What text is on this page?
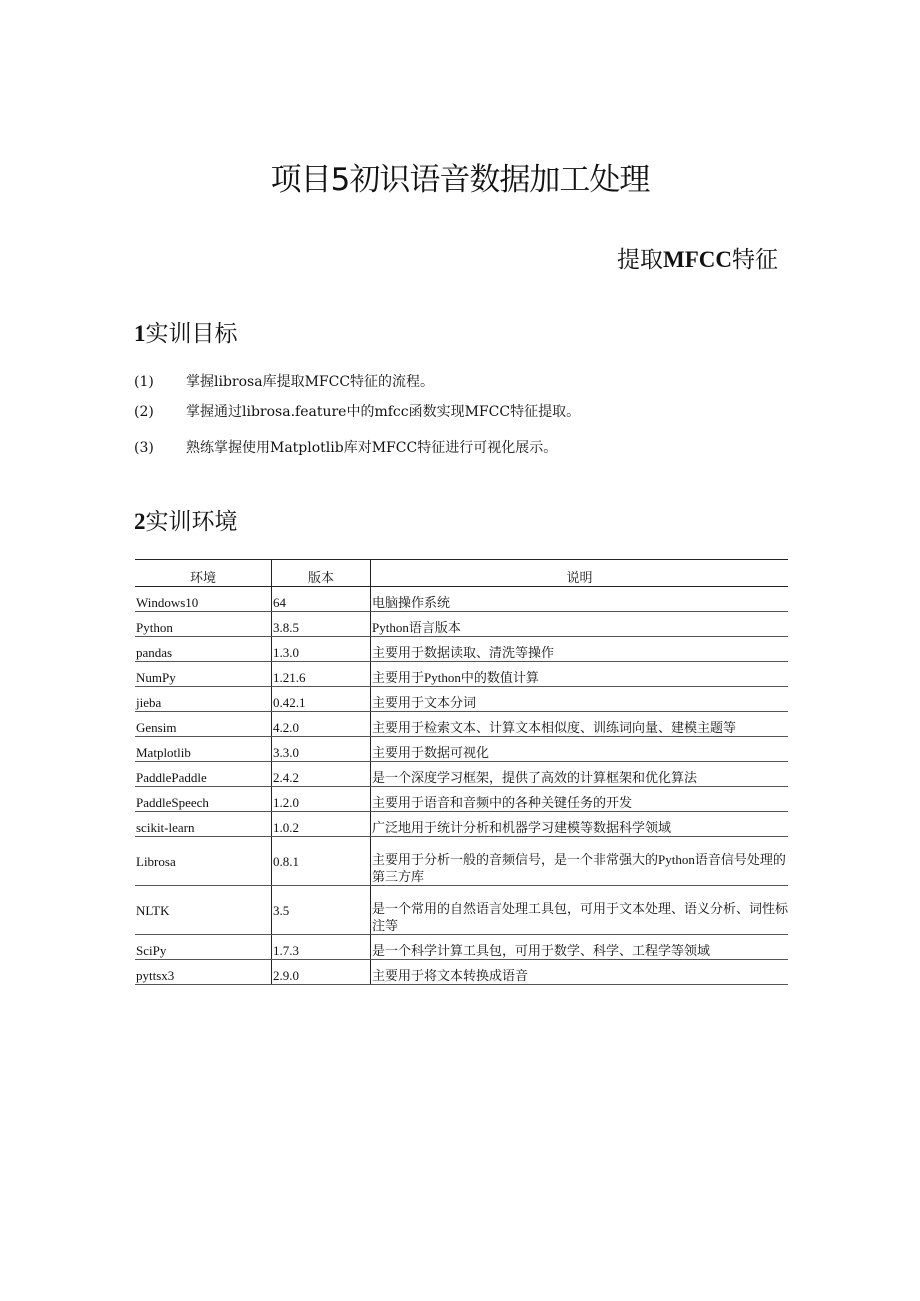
项目5初识语音数据加工处理
提取MFCC特征
1实训目标
(1) 掌握librosa库提取MFCC特征的流程。
(2) 掌握通过librosa.feature中的mfcc函数实现MFCC特征提取。
(3) 熟练掌握使用Matplotlib库对MFCC特征进行可视化展示。
2实训环境
环境	版本	说明
Windows10	64	电脑操作系统
Python	3.8.5	Python语言版本
pandas	1.3.0	主要用于数据读取、清洗等操作
NumPy	1.21.6	主要用于Python中的数值计算
jieba	0.42.1	主要用于文本分词
Gensim	4.2.0	主要用于检索文本、计算文本相似度、训练词向量、建模主题等
Matplotlib	3.3.0	主要用于数据可视化
PaddlePaddle	2.4.2	是一个深度学习框架，提供了高效的计算框架和优化算法
PaddleSpeech	1.2.0	主要用于语音和音频中的各种关键任务的开发
scikit-learn	1.0.2	广泛地用于统计分析和机器学习建模等数据科学领域
Librosa	0.8.1	主要用于分析一般的音频信号，是一个非常强大的Python语音信号处理的第三方库
NLTK	3.5	是一个常用的自然语言处理工具包，可用于文本处理、语义分析、词性标注等
SciPy	1.7.3	是一个科学计算工具包，可用于数学、科学、工程学等领域
pyttsx3	2.9.0	主要用于将文本转换成语音
